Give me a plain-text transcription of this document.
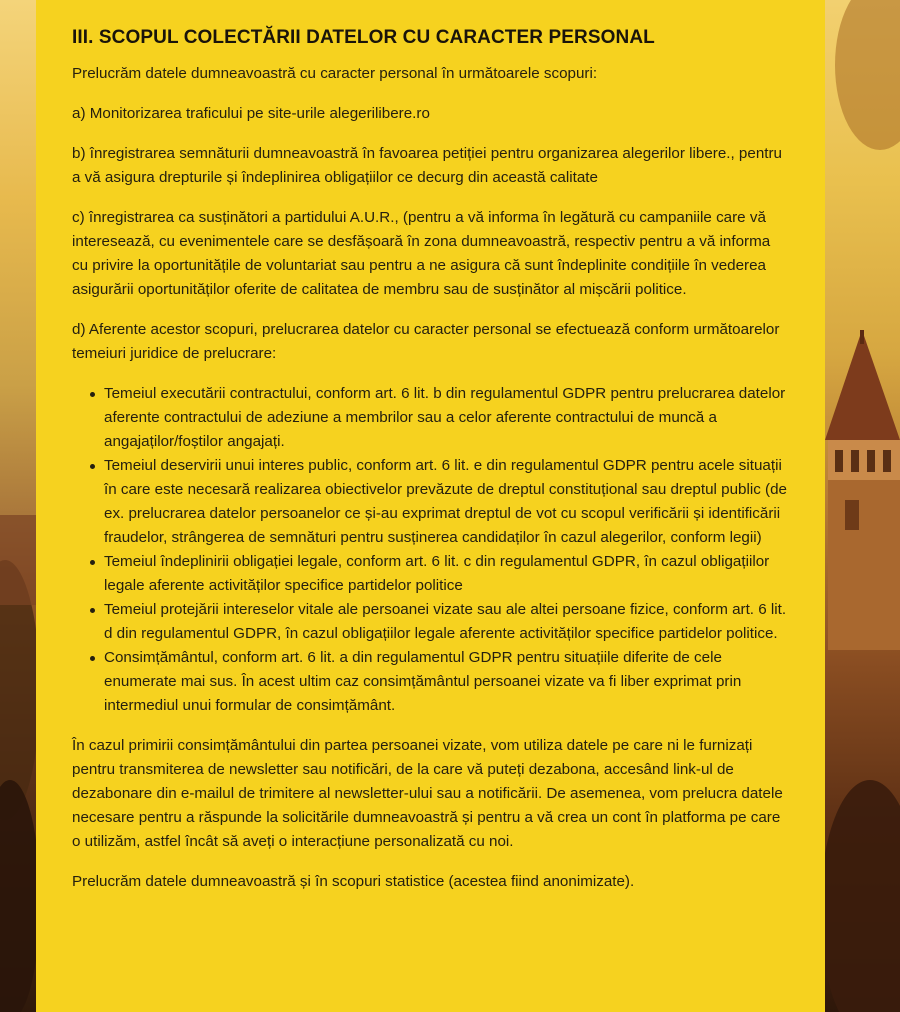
III. SCOPUL COLECTĂRII DATELOR CU CARACTER PERSONAL

Prelucrăm datele dumneavoastră cu caracter personal în următoarele scopuri:

a) Monitorizarea traficului pe site-urile alegerilibere.ro

b) înregistrarea semnăturii dumneavoastră în favoarea petiției pentru organizarea alegerilor libere., pentru a vă asigura drepturile și îndeplinirea obligațiilor ce decurg din această calitate

c) înregistrarea ca susținători a partidului A.U.R., (pentru a vă informa în legătură cu campaniile care vă interesează, cu evenimentele care se desfășoară în zona dumneavoastră, respectiv pentru a vă informa cu privire la oportunitățile de voluntariat sau pentru a ne asigura că sunt îndeplinite condițiile în vederea asigurării oportunităților oferite de calitatea de membru sau de susținător al mișcării politice.

d) Aferente acestor scopuri, prelucrarea datelor cu caracter personal se efectuează conform următoarelor temeiuri juridice de prelucrare:

Temeiul executării contractului, conform art. 6 lit. b din regulamentul GDPR pentru prelucrarea datelor aferente contractului de adeziune a membrilor sau a celor aferente contractului de muncă a angajaților/foștilor angajați.
Temeiul deservirii unui interes public, conform art. 6 lit. e din regulamentul GDPR pentru acele situații în care este necesară realizarea obiectivelor prevăzute de dreptul constituțional sau dreptul public (de ex. prelucrarea datelor persoanelor ce și-au exprimat dreptul de vot cu scopul verificării și identificării fraudelor, strângerea de semnături pentru susținerea candidaților în cazul alegerilor, conform legii)
Temeiul îndeplinirii obligației legale, conform art. 6 lit. c din regulamentul GDPR, în cazul obligațiilor legale aferente activităților specifice partidelor politice
Temeiul protejării intereselor vitale ale persoanei vizate sau ale altei persoane fizice, conform art. 6 lit. d din regulamentul GDPR, în cazul obligațiilor legale aferente activităților specifice partidelor politice.
Consimțământul, conform art. 6 lit. a din regulamentul GDPR pentru situațiile diferite de cele enumerate mai sus. În acest ultim caz consimțământul persoanei vizate va fi liber exprimat prin intermediul unui formular de consimțământ.

În cazul primirii consimțământului din partea persoanei vizate, vom utiliza datele pe care ni le furnizați pentru transmiterea de newsletter sau notificări, de la care vă puteți dezabona, accesând link-ul de dezabonare din e-mailul de trimitere al newsletter-ului sau a notificării. De asemenea, vom prelucra datele necesare pentru a răspunde la solicitările dumneavoastră și pentru a vă crea un cont în platforma pe care o utilizăm, astfel încât să aveți o interacțiune personalizată cu noi.

Prelucrăm datele dumneavoastră și în scopuri statistice (acestea fiind anonimizate).
